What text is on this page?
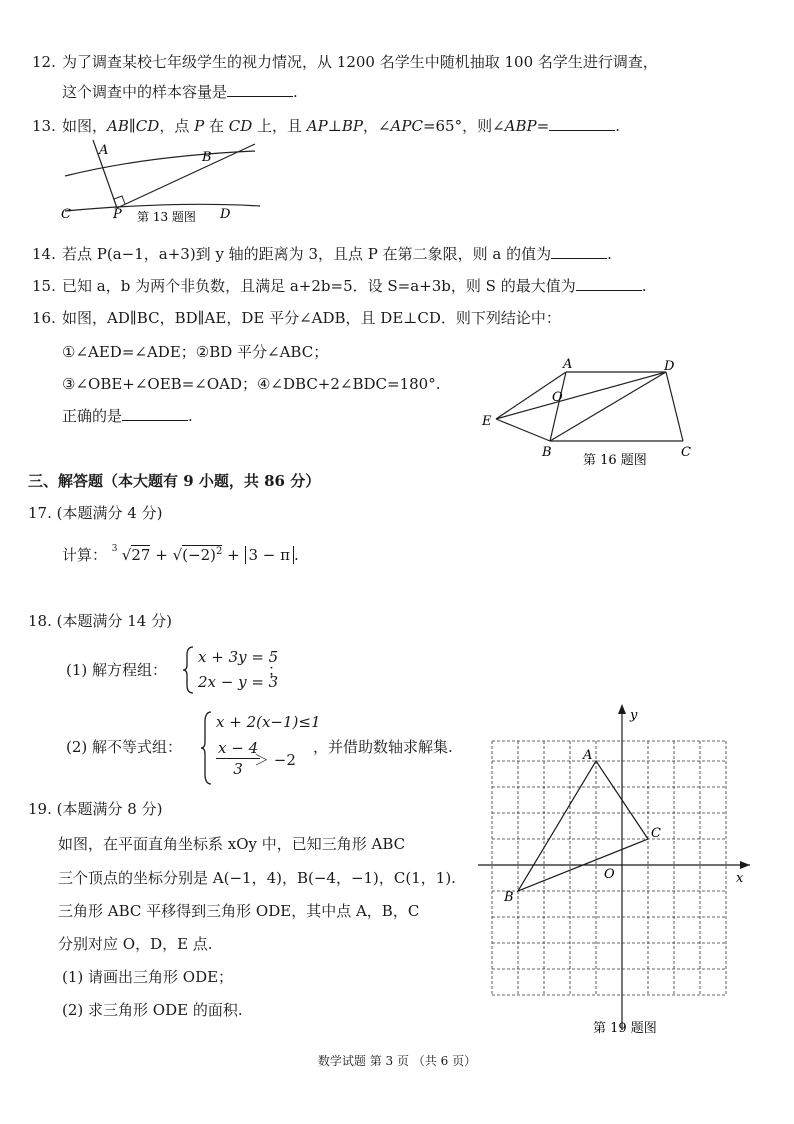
12. 为了调查某校七年级学生的视力情况，从 1200 名学生中随机抽取 100 名学生进行调查，
这个调查中的样本容量是	.
13. 如图，AB∥CD，点 P 在 CD 上，且 AP⊥BP，∠APC=65°，则∠ABP=	.
A	B
C	P	D
第 13 题图
14. 若点 P(a−1，a+3)到 y 轴的距离为 3，且点 P 在第二象限，则 a 的值为	.
15. 已知 a，b 为两个非负数，且满足 a+2b=5．设 S=a+3b，则 S 的最大值为	.
16. 如图，AD∥BC，BD∥AE，DE 平分∠ADB，且 DE⊥CD．则下列结论中：
①∠AED=∠ADE；②BD 平分∠ABC；
③∠OBE+∠OEB=∠OAD；④∠DBC+2∠BDC=180°.
正确的是	.
A	D
O
E
B	C
第 16 题图
三、解答题（本大题有 9 小题，共 86 分）
17. (本题满分 4 分)
计算： 3 $√27 + √(-2)^2 + 3 - \pi$ .
18. (本题满分 14 分)
(1) 解方程组：
x + 3y = 5
2x − y = 3
；
(2) 解不等式组：
x + 2(x−1)≤1
$\frac{x - 4}{3}$
＞ −2
，并借助数轴求解集.
19. (本题满分 8 分)
如图，在平面直角坐标系 xOy 中，已知三角形 ABC
三个顶点的坐标分别是 A(−1，4)，B(−4，−1)，C(1，1).
三角形 ABC 平移得到三角形 ODE，其中点 A，B，C
分别对应 O，D，E 点.
(1) 请画出三角形 ODE；
(2) 求三角形 ODE 的面积.
y
x
O
A
B
C
第 19 题图
数学试题 第 3 页 （共 6 页）
